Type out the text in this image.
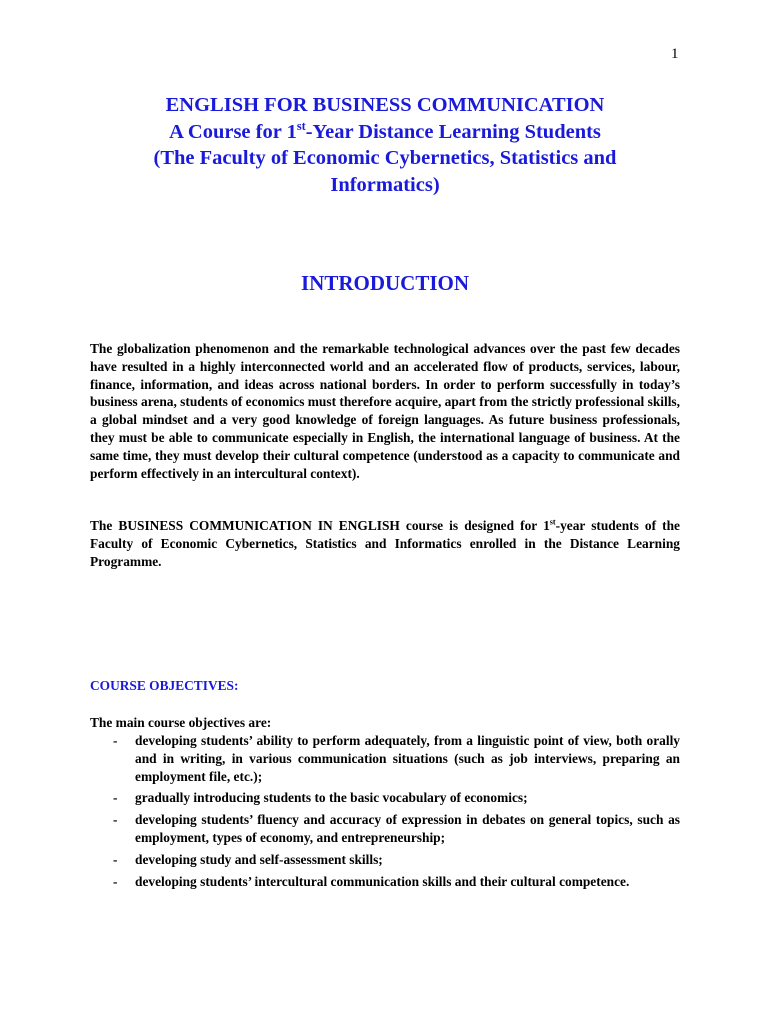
1
ENGLISH FOR BUSINESS COMMUNICATION
A Course for 1st-Year Distance Learning Students
(The Faculty of Economic Cybernetics, Statistics and
Informatics)
INTRODUCTION
The globalization phenomenon and the remarkable technological advances over the past few decades have resulted in a highly interconnected world and an accelerated flow of products, services, labour, finance, information, and ideas across national borders. In order to perform successfully in today’s business arena, students of economics must therefore acquire, apart from the strictly professional skills, a global mindset and a very good knowledge of foreign languages. As future business professionals, they must be able to communicate especially in English, the international language of business. At the same time, they must develop their cultural competence (understood as a capacity to communicate and perform effectively in an intercultural context).
The BUSINESS COMMUNICATION IN ENGLISH course is designed for 1st-year students of the Faculty of Economic Cybernetics, Statistics and Informatics enrolled in the Distance Learning Programme.
COURSE OBJECTIVES:
The main course objectives are:
- developing students’ ability to perform adequately, from a linguistic point of view, both orally and in writing, in various communication situations (such as job interviews, preparing an employment file, etc.);
- gradually introducing students to the basic vocabulary of economics;
- developing students’ fluency and accuracy of expression in debates on general topics, such as employment, types of economy, and entrepreneurship;
- developing study and self-assessment skills;
- developing students’ intercultural communication skills and their cultural competence.
